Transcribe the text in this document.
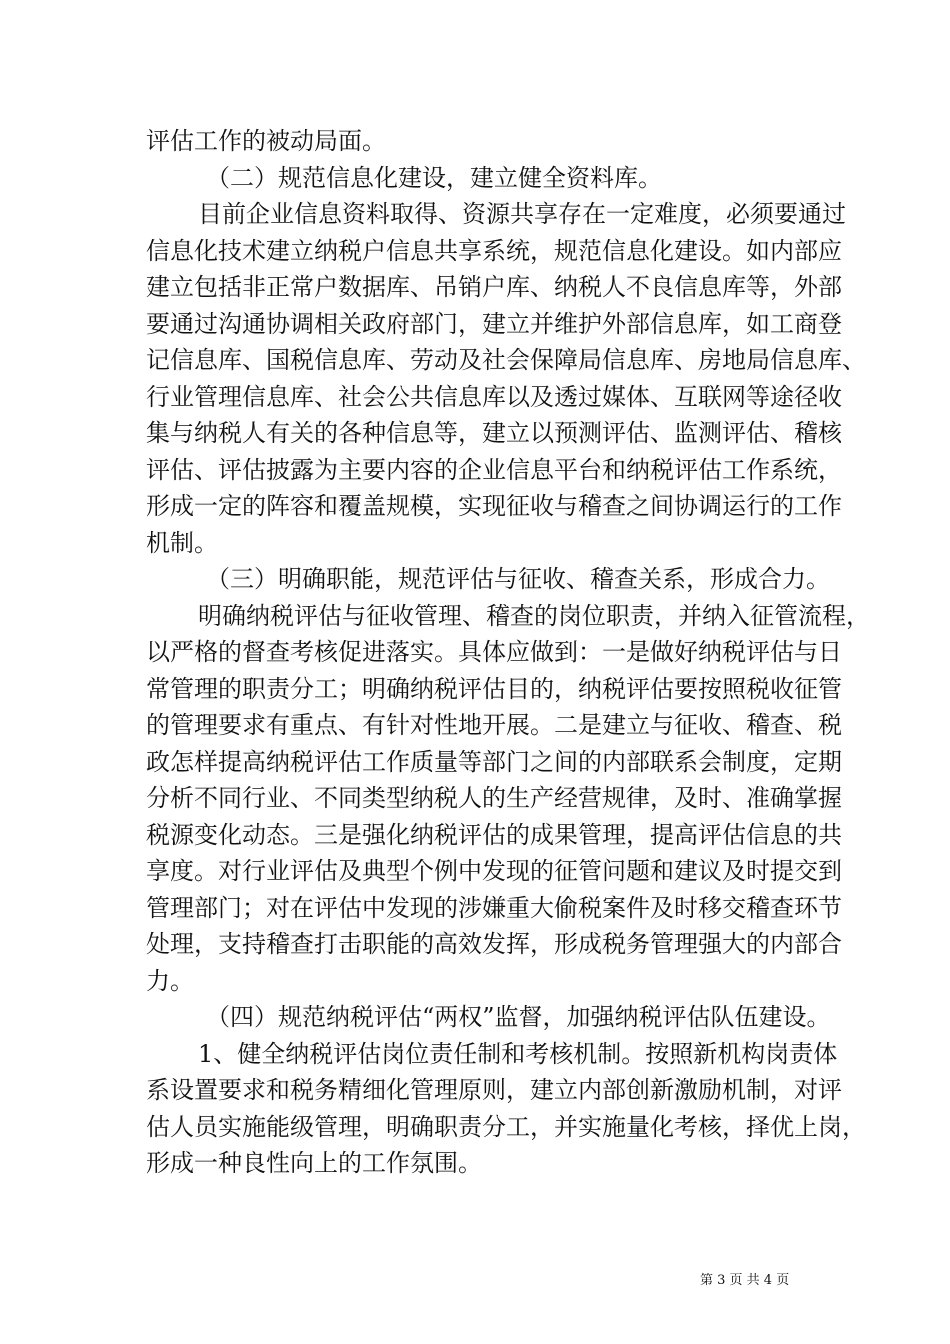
评估工作的被动局面。
（二）规范信息化建设，建立健全资料库。
目前企业信息资料取得、资源共享存在一定难度，必须要通过
信息化技术建立纳税户信息共享系统，规范信息化建设。如内部应
建立包括非正常户数据库、吊销户库、纳税人不良信息库等，外部
要通过沟通协调相关政府部门，建立并维护外部信息库，如工商登
记信息库、国税信息库、劳动及社会保障局信息库、房地局信息库、
行业管理信息库、社会公共信息库以及透过媒体、互联网等途径收
集与纳税人有关的各种信息等，建立以预测评估、监测评估、稽核
评估、评估披露为主要内容的企业信息平台和纳税评估工作系统，
形成一定的阵容和覆盖规模，实现征收与稽查之间协调运行的工作
机制。
（三）明确职能，规范评估与征收、稽查关系，形成合力。
明确纳税评估与征收管理、稽查的岗位职责，并纳入征管流程，
以严格的督查考核促进落实。具体应做到：一是做好纳税评估与日
常管理的职责分工；明确纳税评估目的，纳税评估要按照税收征管
的管理要求有重点、有针对性地开展。二是建立与征收、稽查、税
政怎样提高纳税评估工作质量等部门之间的内部联系会制度，定期
分析不同行业、不同类型纳税人的生产经营规律，及时、准确掌握
税源变化动态。三是强化纳税评估的成果管理，提高评估信息的共
享度。对行业评估及典型个例中发现的征管问题和建议及时提交到
管理部门；对在评估中发现的涉嫌重大偷税案件及时移交稽查环节
处理，支持稽查打击职能的高效发挥，形成税务管理强大的内部合
力。
（四）规范纳税评估“两权”监督，加强纳税评估队伍建设。
1、健全纳税评估岗位责任制和考核机制。按照新机构岗责体
系设置要求和税务精细化管理原则，建立内部创新激励机制，对评
估人员实施能级管理，明确职责分工，并实施量化考核，择优上岗，
形成一种良性向上的工作氛围。
第 3 页 共 4 页
